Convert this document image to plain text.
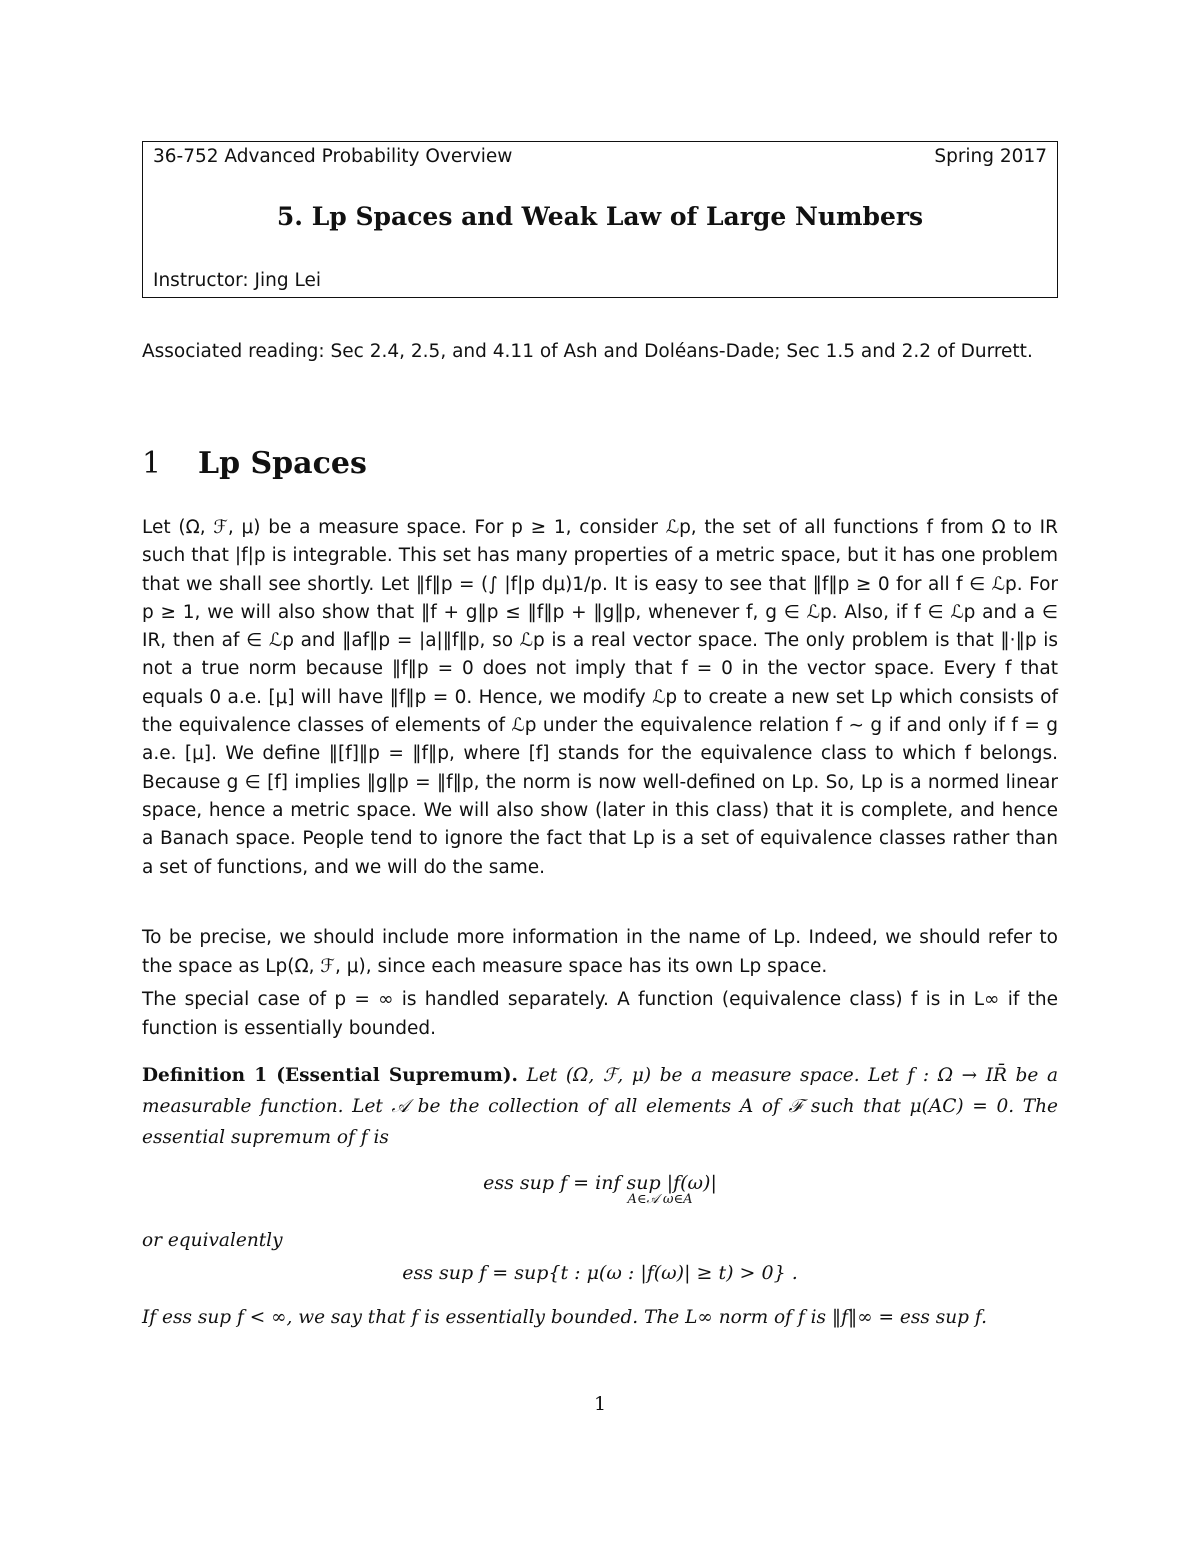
36-752 Advanced Probability Overview	Spring 2017
5. Lp Spaces and Weak Law of Large Numbers
Instructor: Jing Lei
Associated reading: Sec 2.4, 2.5, and 4.11 of Ash and Doléans-Dade; Sec 1.5 and 2.2 of Durrett.
1 Lp Spaces
Let (Ω, ℱ, μ) be a measure space. For p ≥ 1, consider ℒp, the set of all functions f from Ω to IR such that |f|p is integrable. This set has many properties of a metric space, but it has one problem that we shall see shortly. Let ‖f‖p = (∫ |f|p dμ)1/p. It is easy to see that ‖f‖p ≥ 0 for all f ∈ ℒp. For p ≥ 1, we will also show that ‖f + g‖p ≤ ‖f‖p + ‖g‖p, whenever f, g ∈ ℒp. Also, if f ∈ ℒp and a ∈ IR, then af ∈ ℒp and ‖af‖p = |a|‖f‖p, so ℒp is a real vector space. The only problem is that ‖·‖p is not a true norm because ‖f‖p = 0 does not imply that f = 0 in the vector space. Every f that equals 0 a.e. [μ] will have ‖f‖p = 0. Hence, we modify ℒp to create a new set Lp which consists of the equivalence classes of elements of ℒp under the equivalence relation f ∼ g if and only if f = g a.e. [μ]. We define ‖[f]‖p = ‖f‖p, where [f] stands for the equivalence class to which f belongs. Because g ∈ [f] implies ‖g‖p = ‖f‖p, the norm is now well-defined on Lp. So, Lp is a normed linear space, hence a metric space. We will also show (later in this class) that it is complete, and hence a Banach space. People tend to ignore the fact that Lp is a set of equivalence classes rather than a set of functions, and we will do the same.
To be precise, we should include more information in the name of Lp. Indeed, we should refer to the space as Lp(Ω, ℱ, μ), since each measure space has its own Lp space.
The special case of p = ∞ is handled separately. A function (equivalence class) f is in L∞ if the function is essentially bounded.
Definition 1 (Essential Supremum). Let (Ω, ℱ, μ) be a measure space. Let f : Ω → IR̄ be a measurable function. Let 𝒜 be the collection of all elements A of ℱ such that μ(AC) = 0. The essential supremum of f is
ess sup f = inf sup |f(ω)|
A∈𝒜 ω∈A
or equivalently
ess sup f = sup{t : μ(ω : |f(ω)| ≥ t) > 0} .
If ess sup f < ∞, we say that f is essentially bounded. The L∞ norm of f is ‖f‖∞ = ess sup f.
1
